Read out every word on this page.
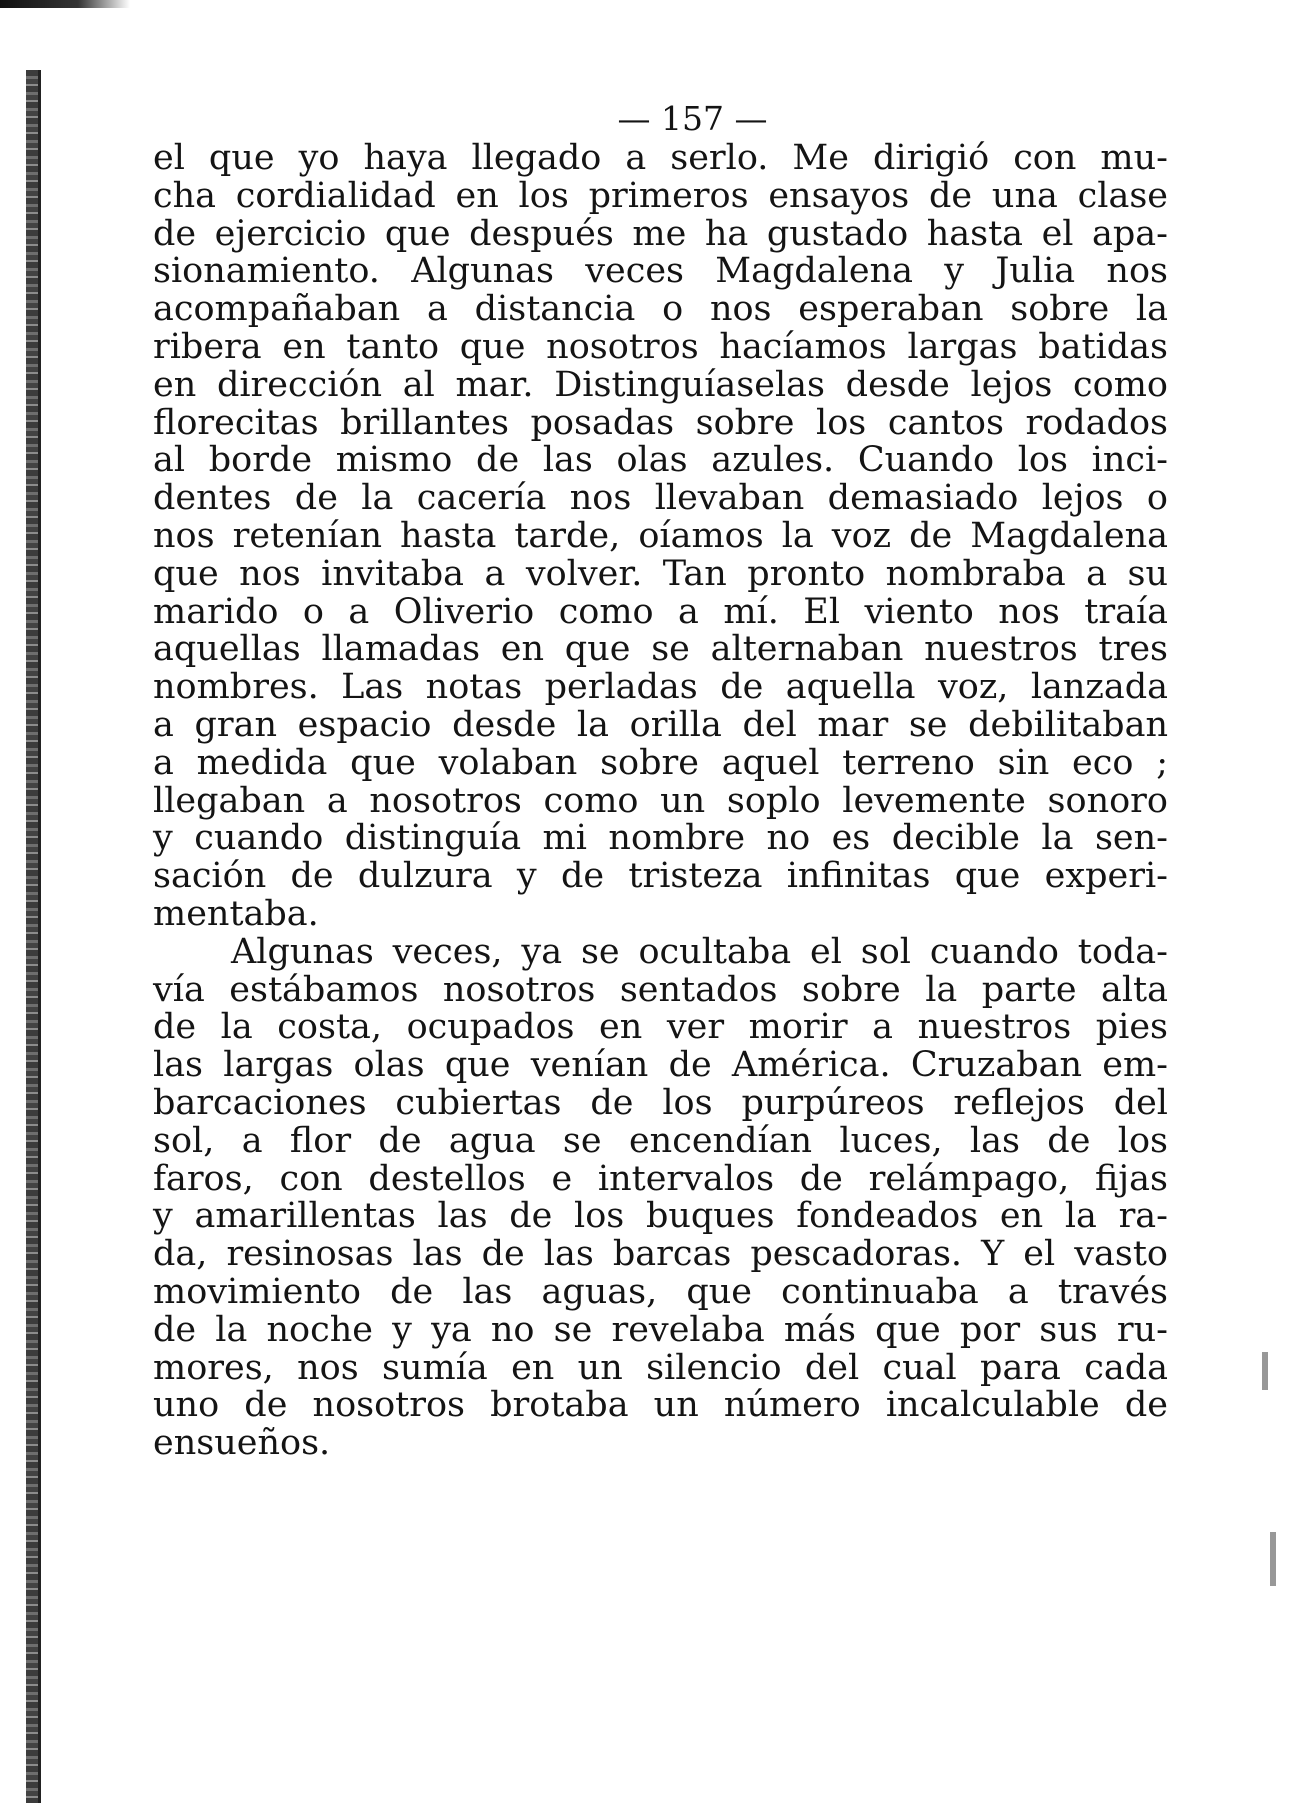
— 157 —
el que yo haya llegado a serlo. Me dirigió con mu-
cha cordialidad en los primeros ensayos de una clase
de ejercicio que después me ha gustado hasta el apa-
sionamiento. Algunas veces Magdalena y Julia nos
acompañaban a distancia o nos esperaban sobre la
ribera en tanto que nosotros hacíamos largas batidas
en dirección al mar. Distinguíaselas desde lejos como
florecitas brillantes posadas sobre los cantos rodados
al borde mismo de las olas azules. Cuando los inci-
dentes de la cacería nos llevaban demasiado lejos o
nos retenían hasta tarde, oíamos la voz de Magdalena
que nos invitaba a volver. Tan pronto nombraba a su
marido o a Oliverio como a mí. El viento nos traía
aquellas llamadas en que se alternaban nuestros tres
nombres. Las notas perladas de aquella voz, lanzada
a gran espacio desde la orilla del mar se debilitaban
a medida que volaban sobre aquel terreno sin eco ;
llegaban a nosotros como un soplo levemente sonoro
y cuando distinguía mi nombre no es decible la sen-
sación de dulzura y de tristeza infinitas que experi-
mentaba.
Algunas veces, ya se ocultaba el sol cuando toda-
vía estábamos nosotros sentados sobre la parte alta
de la costa, ocupados en ver morir a nuestros pies
las largas olas que venían de América. Cruzaban em-
barcaciones cubiertas de los purpúreos reflejos del
sol, a flor de agua se encendían luces, las de los
faros, con destellos e intervalos de relámpago, fijas
y amarillentas las de los buques fondeados en la ra-
da, resinosas las de las barcas pescadoras. Y el vasto
movimiento de las aguas, que continuaba a través
de la noche y ya no se revelaba más que por sus ru-
mores, nos sumía en un silencio del cual para cada
uno de nosotros brotaba un número incalculable de
ensueños.
